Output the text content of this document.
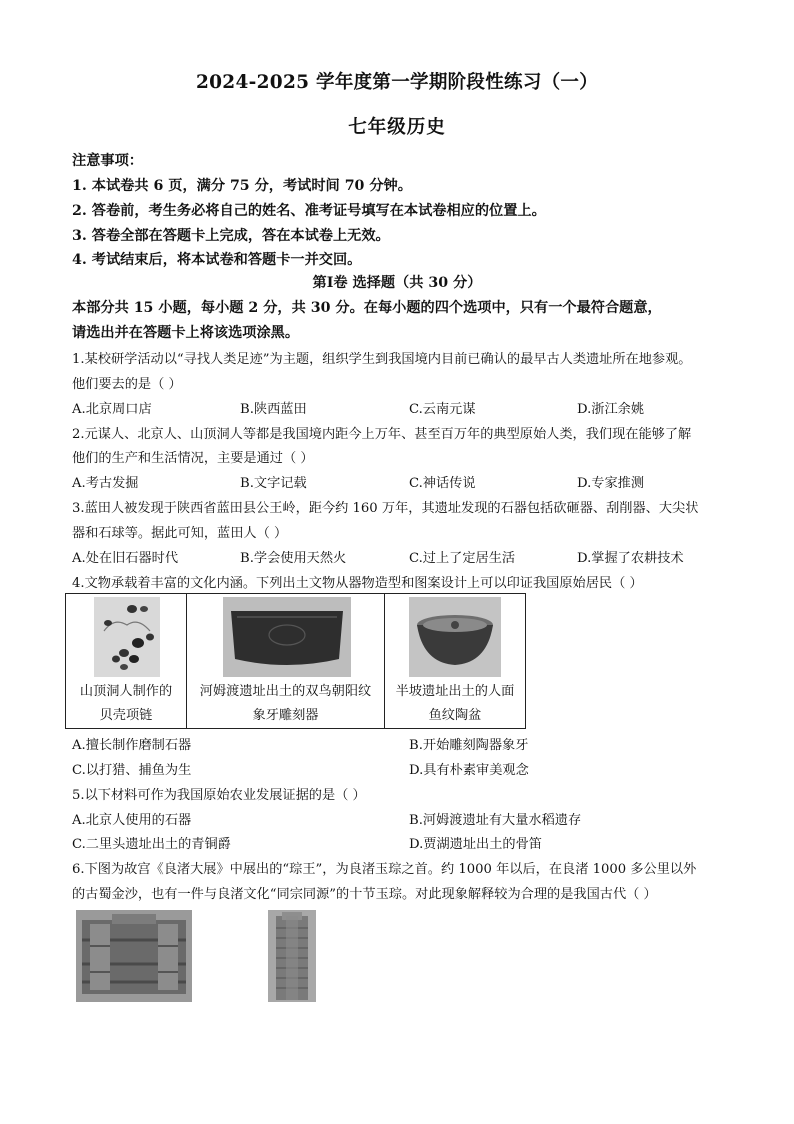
2024-2025 学年度第一学期阶段性练习（一）
七年级历史
注意事项：
1. 本试卷共 6 页，满分 75 分，考试时间 70 分钟。
2. 答卷前，考生务必将自己的姓名、准考证号填写在本试卷相应的位置上。
3. 答卷全部在答题卡上完成，答在本试卷上无效。
4. 考试结束后，将本试卷和答题卡一并交回。
第Ⅰ卷 选择题（共 30 分）
本部分共 15 小题，每小题 2 分，共 30 分。在每小题的四个选项中，只有一个最符合题意，
请选出并在答题卡上将该选项涂黑。
1.某校研学活动以“寻找人类足迹”为主题，组织学生到我国境内目前已确认的最早古人类遗址所在地参观。
他们要去的是（ ）
A.北京周口店	B.陕西蓝田	C.云南元谋	D.浙江余姚
2.元谋人、北京人、山顶洞人等都是我国境内距今上万年、甚至百万年的典型原始人类，我们现在能够了解
他们的生产和生活情况，主要是通过（ ）
A.考古发掘	B.文字记载	C.神话传说	D.专家推测
3.蓝田人被发现于陕西省蓝田县公王岭，距今约 160 万年，其遗址发现的石器包括砍砸器、刮削器、大尖状
器和石球等。据此可知，蓝田人（ ）
A.处在旧石器时代	B.学会使用天然火	C.过上了定居生活	D.掌握了农耕技术
4.文物承载着丰富的文化内涵。下列出土文物从器物造型和图案设计上可以印证我国原始居民（ ）
山顶洞人制作的
贝壳项链
河姆渡遗址出土的双鸟朝阳纹
象牙雕刻器
半坡遗址出土的人面
鱼纹陶盆
A.擅长制作磨制石器	B.开始雕刻陶器象牙
C.以打猎、捕鱼为生	D.具有朴素审美观念
5.以下材料可作为我国原始农业发展证据的是（ ）
A.北京人使用的石器	B.河姆渡遗址有大量水稻遗存
C.二里头遗址出土的青铜爵	D.贾湖遗址出土的骨笛
6.下图为故宫《良渚大展》中展出的“琮王”，为良渚玉琮之首。约 1000 年以后，在良渚 1000 多公里以外
的古蜀金沙，也有一件与良渚文化“同宗同源”的十节玉琮。对此现象解释较为合理的是我国古代（ ）
